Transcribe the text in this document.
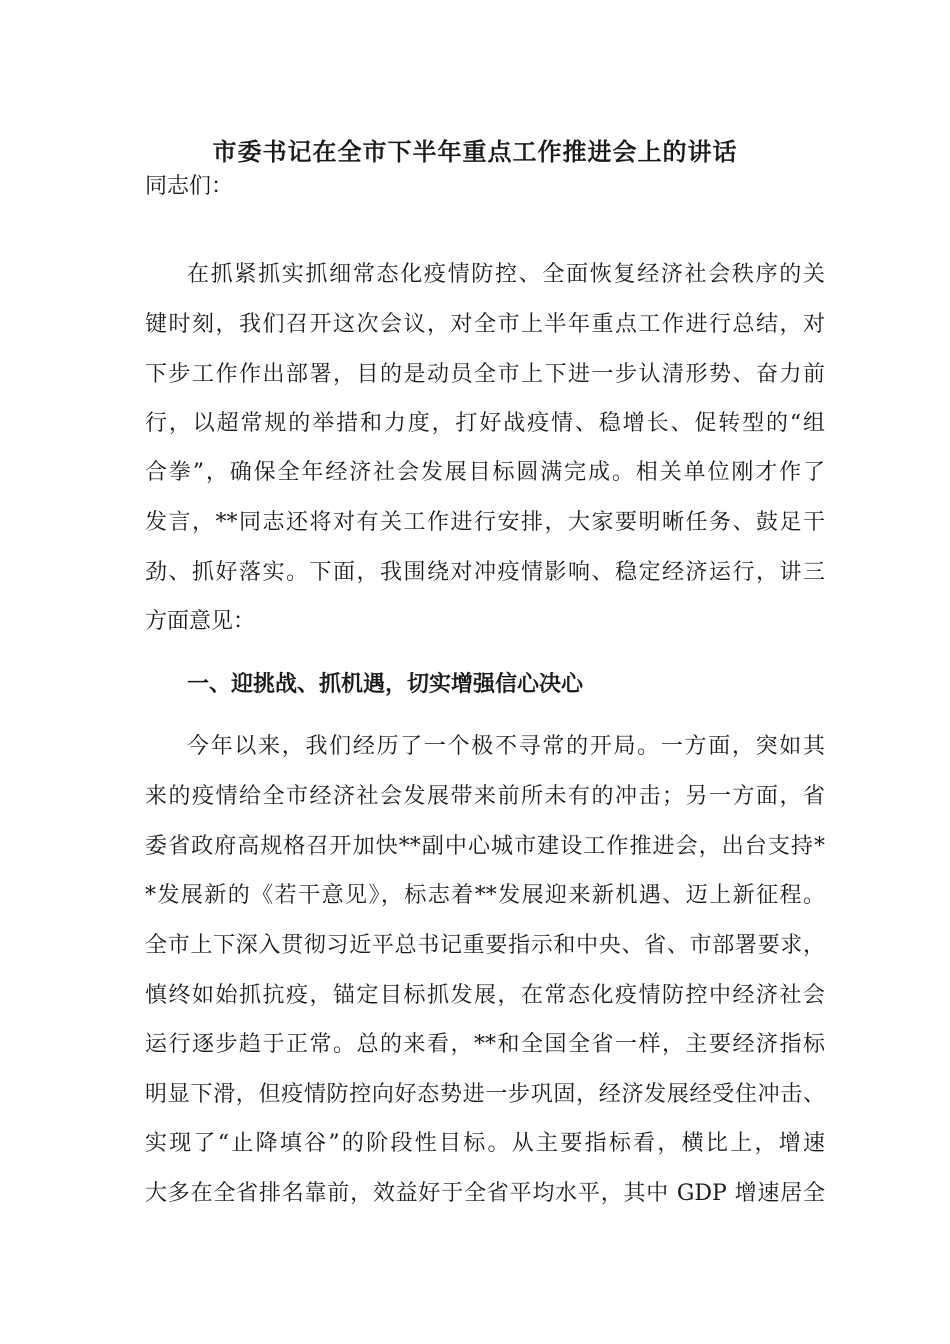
市委书记在全市下半年重点工作推进会上的讲话
同志们：
在抓紧抓实抓细常态化疫情防控、全面恢复经济社会秩序的关
键时刻，我们召开这次会议，对全市上半年重点工作进行总结，对
下步工作作出部署，目的是动员全市上下进一步认清形势、奋力前
行，以超常规的举措和力度，打好战疫情、稳增长、促转型的“组
合拳”，确保全年经济社会发展目标圆满完成。相关单位刚才作了
发言，**同志还将对有关工作进行安排，大家要明晰任务、鼓足干
劲、抓好落实。下面，我围绕对冲疫情影响、稳定经济运行，讲三
方面意见：
一、迎挑战、抓机遇，切实增强信心决心
今年以来，我们经历了一个极不寻常的开局。一方面，突如其
来的疫情给全市经济社会发展带来前所未有的冲击；另一方面，省
委省政府高规格召开加快**副中心城市建设工作推进会，出台支持*
*发展新的《若干意见》，标志着**发展迎来新机遇、迈上新征程。
全市上下深入贯彻习近平总书记重要指示和中央、省、市部署要求，
慎终如始抓抗疫，锚定目标抓发展，在常态化疫情防控中经济社会
运行逐步趋于正常。总的来看，**和全国全省一样，主要经济指标
明显下滑，但疫情防控向好态势进一步巩固，经济发展经受住冲击、
实现了“止降填谷”的阶段性目标。从主要指标看，横比上，增速
大多在全省排名靠前，效益好于全省平均水平，其中 GDP 增速居全
